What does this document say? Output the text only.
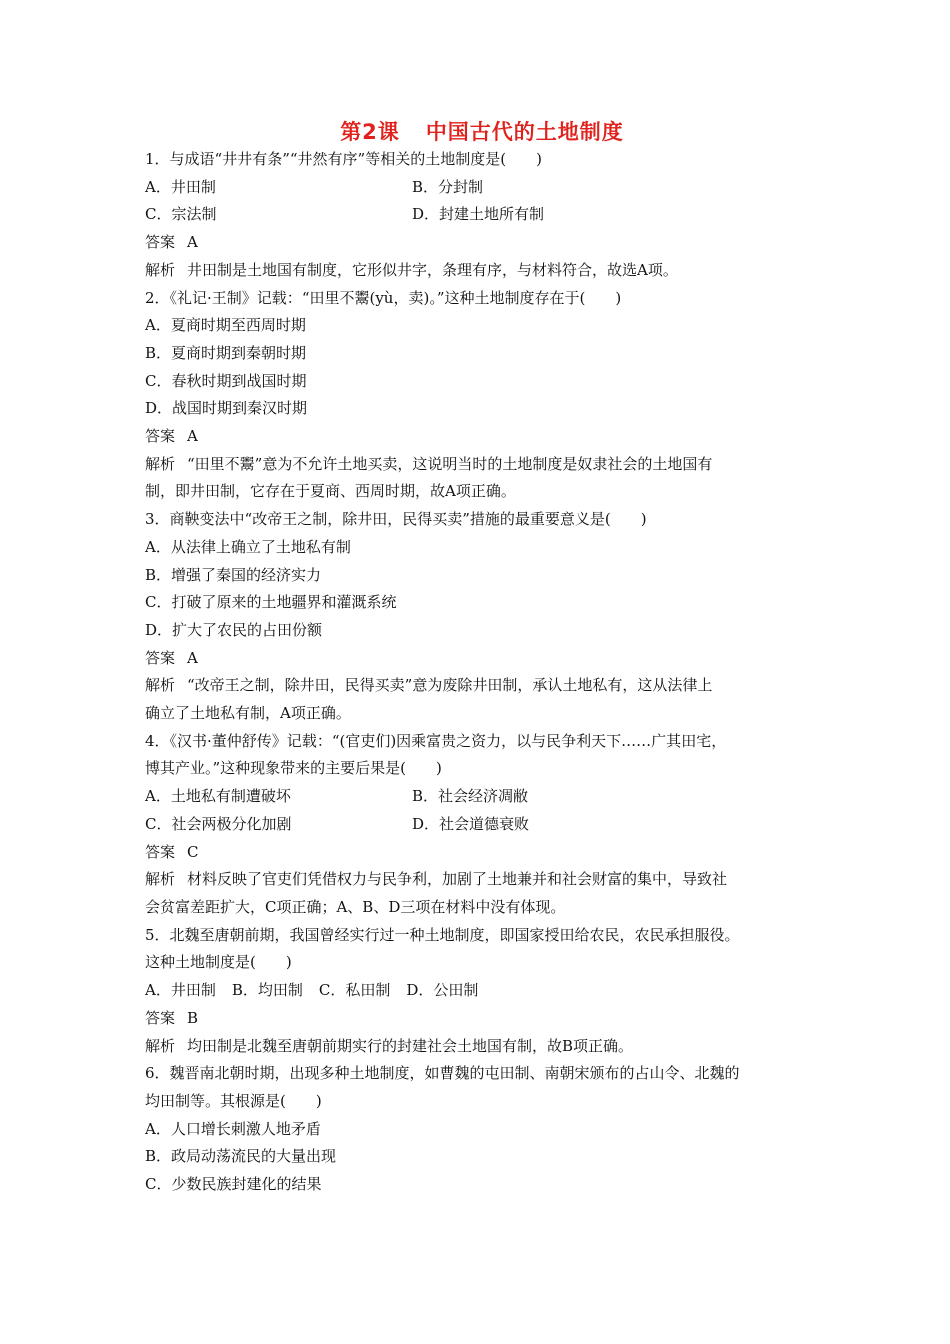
第2课 中国古代的土地制度

1．与成语“井井有条”“井然有序”等相关的土地制度是(　　)

A．井田制	B．分封制
C．宗法制	D．封建土地所有制

答案 A

解析 井田制是土地国有制度，它形似井字，条理有序，与材料符合，故选A项。

2．《礼记·王制》记载：“田里不鬻(yù，卖)。”这种土地制度存在于(　　)

A．夏商时期至西周时期

B．夏商时期到秦朝时期

C．春秋时期到战国时期

D．战国时期到秦汉时期

答案 A

解析 “田里不鬻”意为不允许土地买卖，这说明当时的土地制度是奴隶社会的土地国有

制，即井田制，它存在于夏商、西周时期，故A项正确。

3．商鞅变法中“改帝王之制，除井田，民得买卖”措施的最重要意义是(　　)

A．从法律上确立了土地私有制

B．增强了秦国的经济实力

C．打破了原来的土地疆界和灌溉系统

D．扩大了农民的占田份额

答案 A

解析 “改帝王之制，除井田，民得买卖”意为废除井田制，承认土地私有，这从法律上

确立了土地私有制，A项正确。

4．《汉书·董仲舒传》记载：“(官吏们)因乘富贵之资力，以与民争利天下……广其田宅，

博其产业。”这种现象带来的主要后果是(　　)

A．土地私有制遭破坏	B．社会经济凋敝
C．社会两极分化加剧	D．社会道德衰败

答案 C

解析 材料反映了官吏们凭借权力与民争利，加剧了土地兼并和社会财富的集中，导致社

会贫富差距扩大，C项正确；A、B、D三项在材料中没有体现。

5．北魏至唐朝前期，我国曾经实行过一种土地制度，即国家授田给农民，农民承担服役。

这种土地制度是(　　)

A．井田制 B．均田制 C．私田制 D．公田制

答案 B

解析 均田制是北魏至唐朝前期实行的封建社会土地国有制，故B项正确。

6．魏晋南北朝时期，出现多种土地制度，如曹魏的屯田制、南朝宋颁布的占山令、北魏的

均田制等。其根源是(　　)

A．人口增长刺激人地矛盾

B．政局动荡流民的大量出现

C．少数民族封建化的结果
